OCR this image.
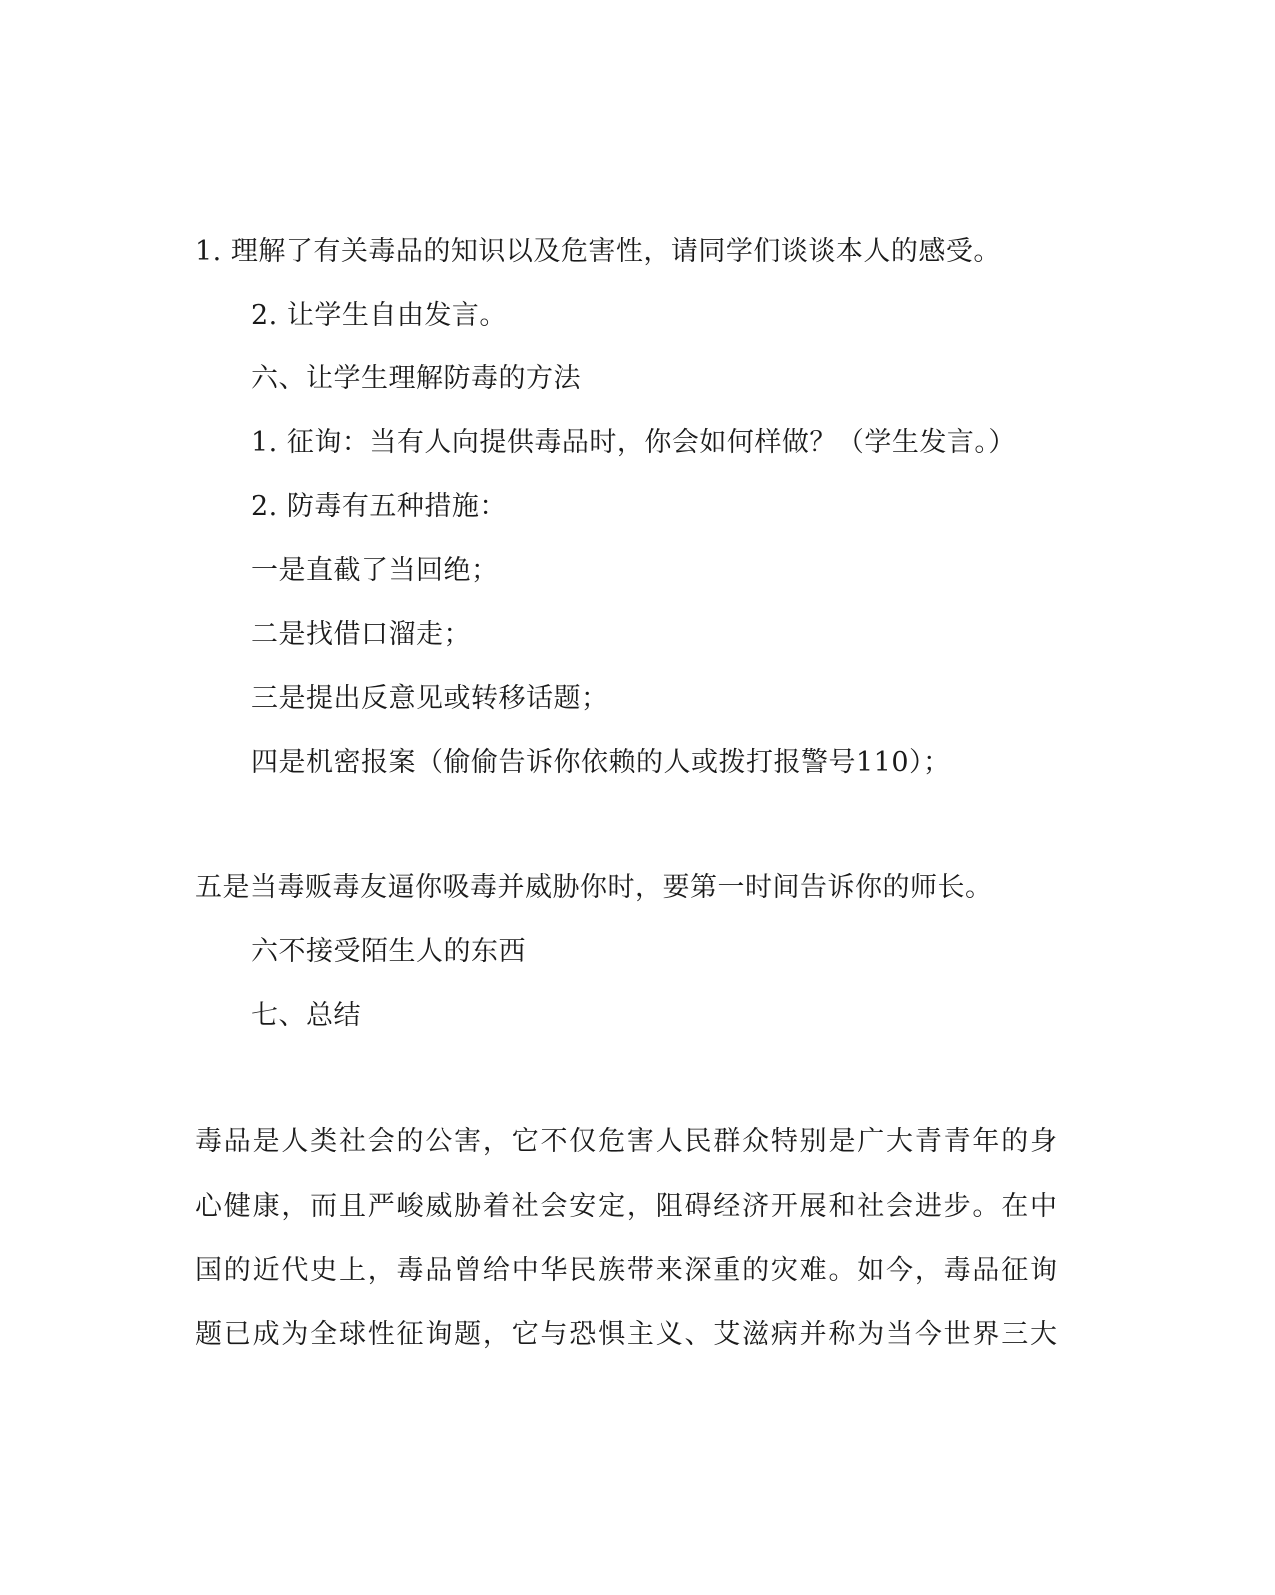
1. 理解了有关毒品的知识以及危害性，请同学们谈谈本人的感受。
2. 让学生自由发言。
六、让学生理解防毒的方法
1. 征询：当有人向提供毒品时，你会如何样做？（学生发言。）
2. 防毒有五种措施：
一是直截了当回绝；
二是找借口溜走；
三是提出反意见或转移话题；
四是机密报案（偷偷告诉你依赖的人或拨打报警号110）；
五是当毒贩毒友逼你吸毒并威胁你时，要第一时间告诉你的师长。
六不接受陌生人的东西
七、总结
毒品是人类社会的公害，它不仅危害人民群众特别是广大青青年的身
心健康，而且严峻威胁着社会安定，阻碍经济开展和社会进步。在中
国的近代史上，毒品曾给中华民族带来深重的灾难。如今，毒品征询
题已成为全球性征询题，它与恐惧主义、艾滋病并称为当今世界三大
